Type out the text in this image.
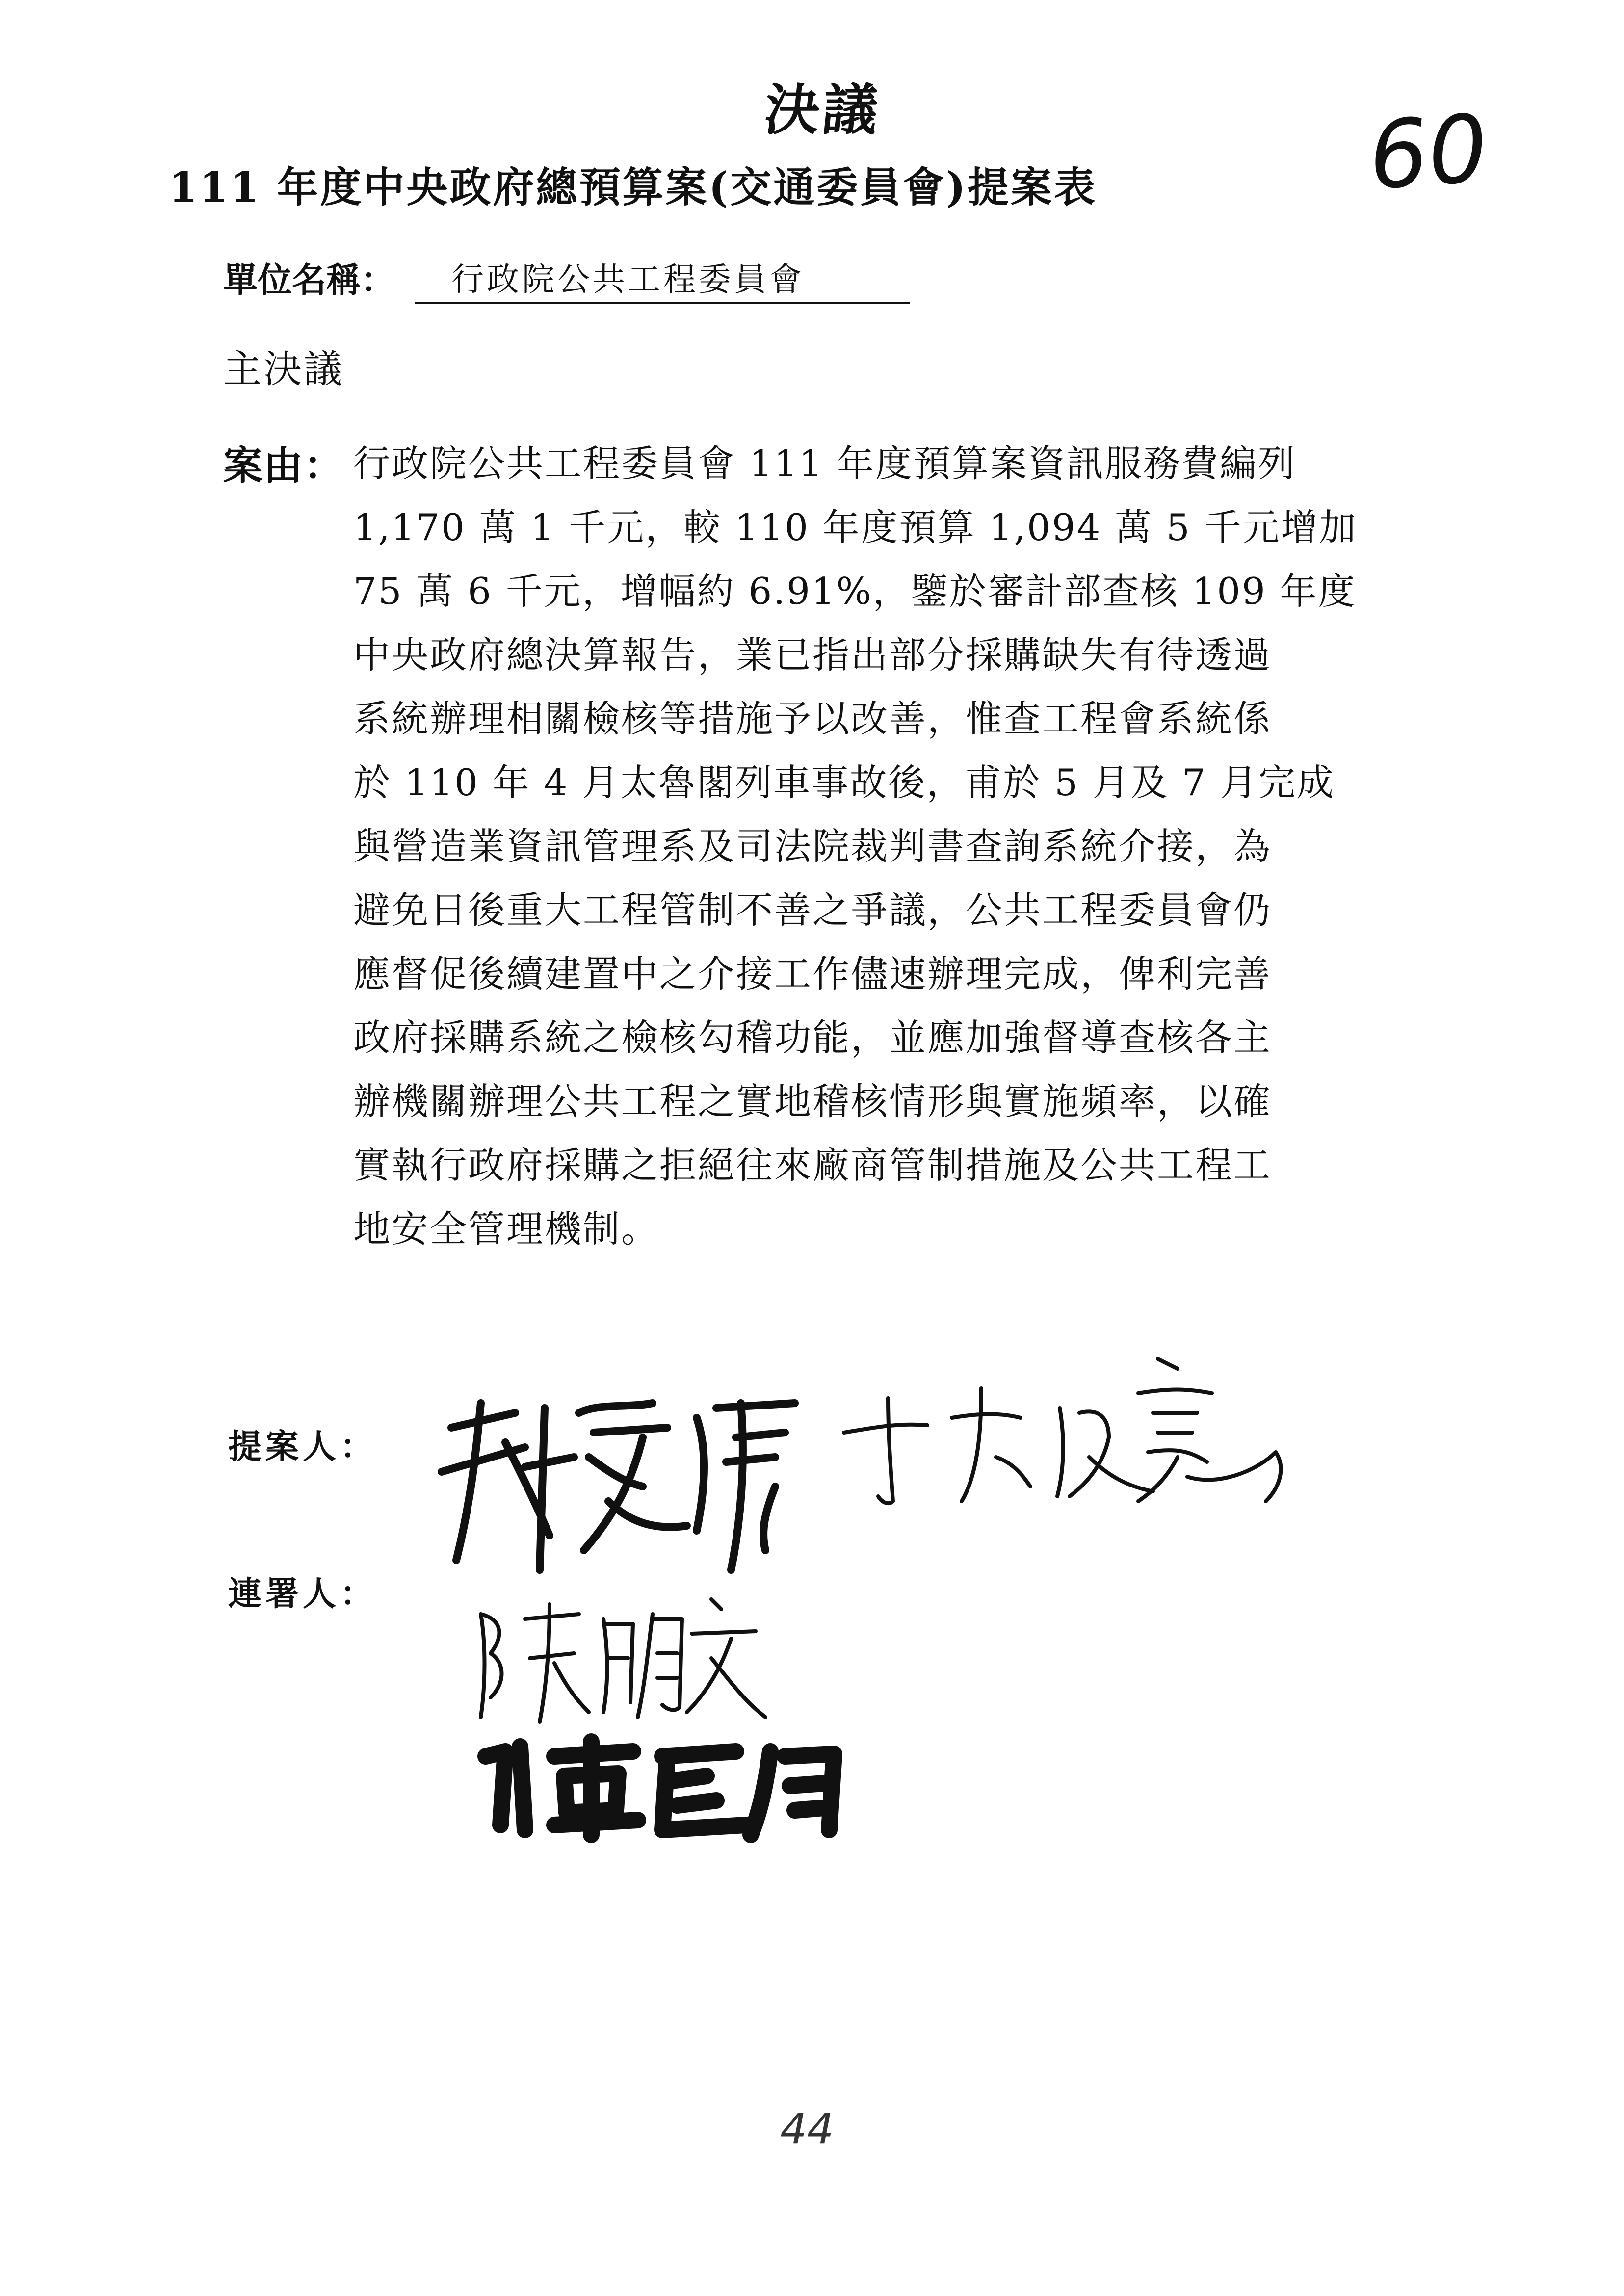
決議	60
111 年度中央政府總預算案(交通委員會)提案表
單位名稱：	行政院公共工程委員會
主決議
案由： 行政院公共工程委員會 111 年度預算案資訊服務費編列
1,170 萬 1 千元，較 110 年度預算 1,094 萬 5 千元增加
75 萬 6 千元，增幅約 6.91%，鑒於審計部查核 109 年度
中央政府總決算報告，業已指出部分採購缺失有待透過
系統辦理相關檢核等措施予以改善，惟查工程會系統係
於 110 年 4 月太魯閣列車事故後，甫於 5 月及 7 月完成
與營造業資訊管理系及司法院裁判書查詢系統介接，為
避免日後重大工程管制不善之爭議，公共工程委員會仍
應督促後續建置中之介接工作儘速辦理完成，俾利完善
政府採購系統之檢核勾稽功能，並應加強督導查核各主
辦機關辦理公共工程之實地稽核情形與實施頻率，以確
實執行政府採購之拒絕往來廠商管制措施及公共工程工
地安全管理機制。
提案人：
連署人：
44
